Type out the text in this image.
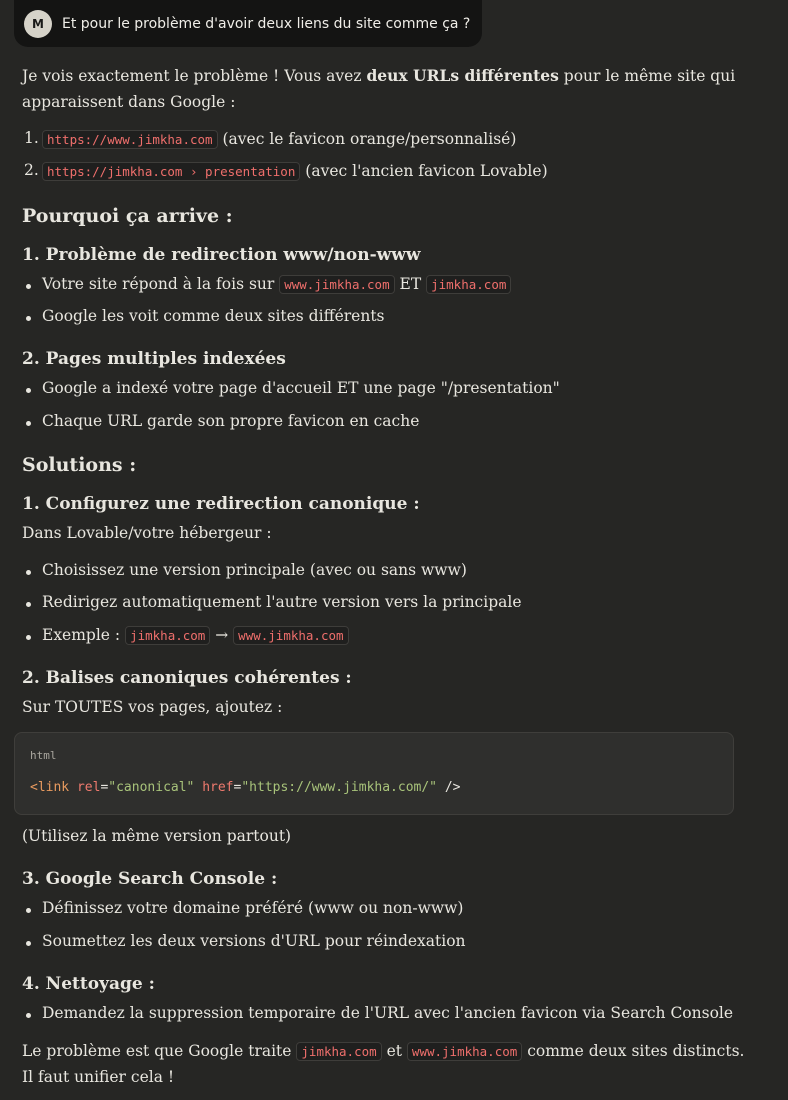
M	Et pour le problème d'avoir deux liens du site comme ça ?
Je vois exactement le problème ! Vous avez deux URLs différentes pour le même site qui
apparaissent dans Google :
1. https://www.jimkha.com (avec le favicon orange/personnalisé)
2. https://jimkha.com › presentation (avec l'ancien favicon Lovable)
Pourquoi ça arrive :
1. Problème de redirection www/non-www
Votre site répond à la fois sur www.jimkha.com ET jimkha.com
Google les voit comme deux sites différents
2. Pages multiples indexées
Google a indexé votre page d'accueil ET une page "/presentation"
Chaque URL garde son propre favicon en cache
Solutions :
1. Configurez une redirection canonique :
Dans Lovable/votre hébergeur :
Choisissez une version principale (avec ou sans www)
Redirigez automatiquement l'autre version vers la principale
Exemple : jimkha.com → www.jimkha.com
2. Balises canoniques cohérentes :
Sur TOUTES vos pages, ajoutez :
html
<link rel="canonical" href="https://www.jimkha.com/" />
(Utilisez la même version partout)
3. Google Search Console :
Définissez votre domaine préféré (www ou non-www)
Soumettez les deux versions d'URL pour réindexation
4. Nettoyage :
Demandez la suppression temporaire de l'URL avec l'ancien favicon via Search Console
Le problème est que Google traite jimkha.com et www.jimkha.com comme deux sites distincts.
Il faut unifier cela !
